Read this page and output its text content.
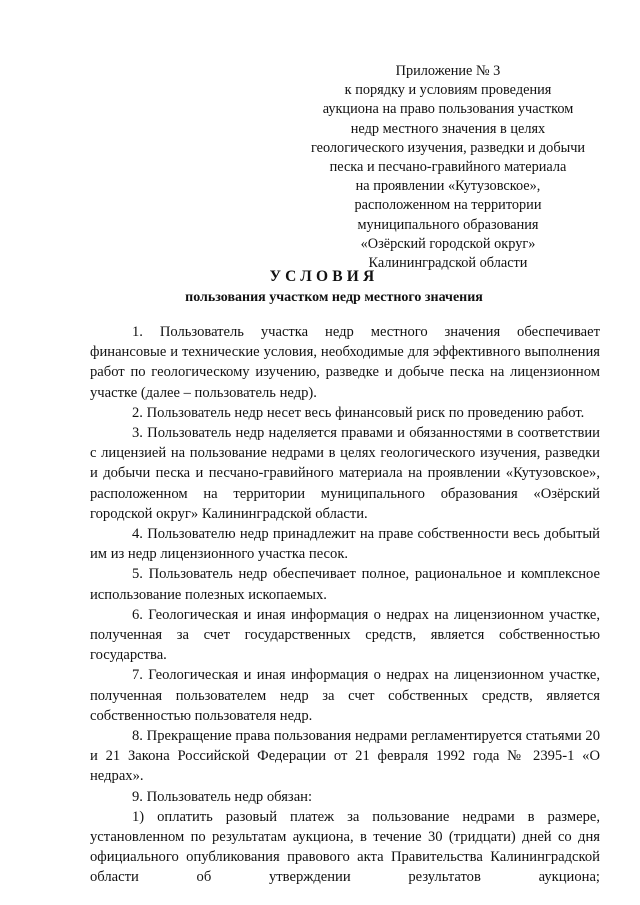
Приложение № 3
к порядку и условиям проведения
аукциона на право пользования участком
недр местного значения в целях
геологического изучения, разведки и добычи
песка и песчано-гравийного материала
на проявлении «Кутузовское»,
расположенном на территории
муниципального образования
«Озёрский городской округ»
Калининградской области
УСЛОВИЯ
пользования участком недр местного значения

1. Пользователь участка недр местного значения обеспечивает финансовые и технические условия, необходимые для эффективного выполнения работ по геологическому изучению, разведке и добыче песка на лицензионном участке (далее – пользователь недр).

2. Пользователь недр несет весь финансовый риск по проведению работ.

3. Пользователь недр наделяется правами и обязанностями в соответствии с лицензией на пользование недрами в целях геологического изучения, разведки и добычи песка и песчано-гравийного материала на проявлении «Кутузовское», расположенном на территории муниципального образования «Озёрский городской округ» Калининградской области.

4. Пользователю недр принадлежит на праве собственности весь добытый им из недр лицензионного участка песок.

5. Пользователь недр обеспечивает полное, рациональное и комплексное использование полезных ископаемых.

6. Геологическая и иная информация о недрах на лицензионном участке, полученная за счет государственных средств, является собственностью государства.

7. Геологическая и иная информация о недрах на лицензионном участке, полученная пользователем недр за счет собственных средств, является собственностью пользователя недр.

8. Прекращение права пользования недрами регламентируется статьями 20 и 21 Закона Российской Федерации от 21 февраля 1992 года № 2395-1 «О недрах».

9. Пользователь недр обязан:

1) оплатить разовый платеж за пользование недрами в размере, установленном по результатам аукциона, в течение 30 (тридцати) дней со дня официального опубликования правового акта Правительства Калининградской области об утверждении результатов аукциона;
